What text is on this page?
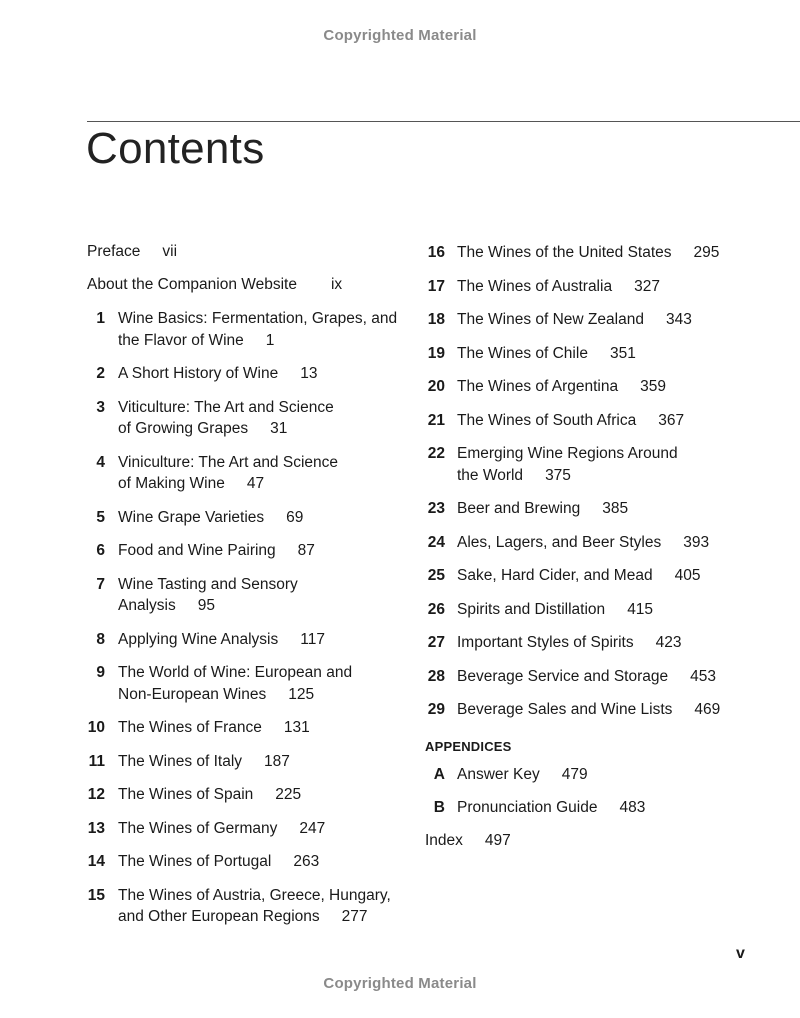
Copyrighted Material
Contents
Preface vii
About the Companion Website ix
1 Wine Basics: Fermentation, Grapes, and
the Flavor of Wine 1
2 A Short History of Wine 13
3 Viticulture: The Art and Science
of Growing Grapes 31
4 Viniculture: The Art and Science
of Making Wine 47
5 Wine Grape Varieties 69
6 Food and Wine Pairing 87
7 Wine Tasting and Sensory
Analysis 95
8 Applying Wine Analysis 117
9 The World of Wine: European and
Non-European Wines 125
10 The Wines of France 131
11 The Wines of Italy 187
12 The Wines of Spain 225
13 The Wines of Germany 247
14 The Wines of Portugal 263
15 The Wines of Austria, Greece, Hungary,
and Other European Regions 277
16 The Wines of the United States 295
17 The Wines of Australia 327
18 The Wines of New Zealand 343
19 The Wines of Chile 351
20 The Wines of Argentina 359
21 The Wines of South Africa 367
22 Emerging Wine Regions Around
the World 375
23 Beer and Brewing 385
24 Ales, Lagers, and Beer Styles 393
25 Sake, Hard Cider, and Mead 405
26 Spirits and Distillation 415
27 Important Styles of Spirits 423
28 Beverage Service and Storage 453
29 Beverage Sales and Wine Lists 469
APPENDICES
A Answer Key 479
B Pronunciation Guide 483
Index 497
v
Copyrighted Material
